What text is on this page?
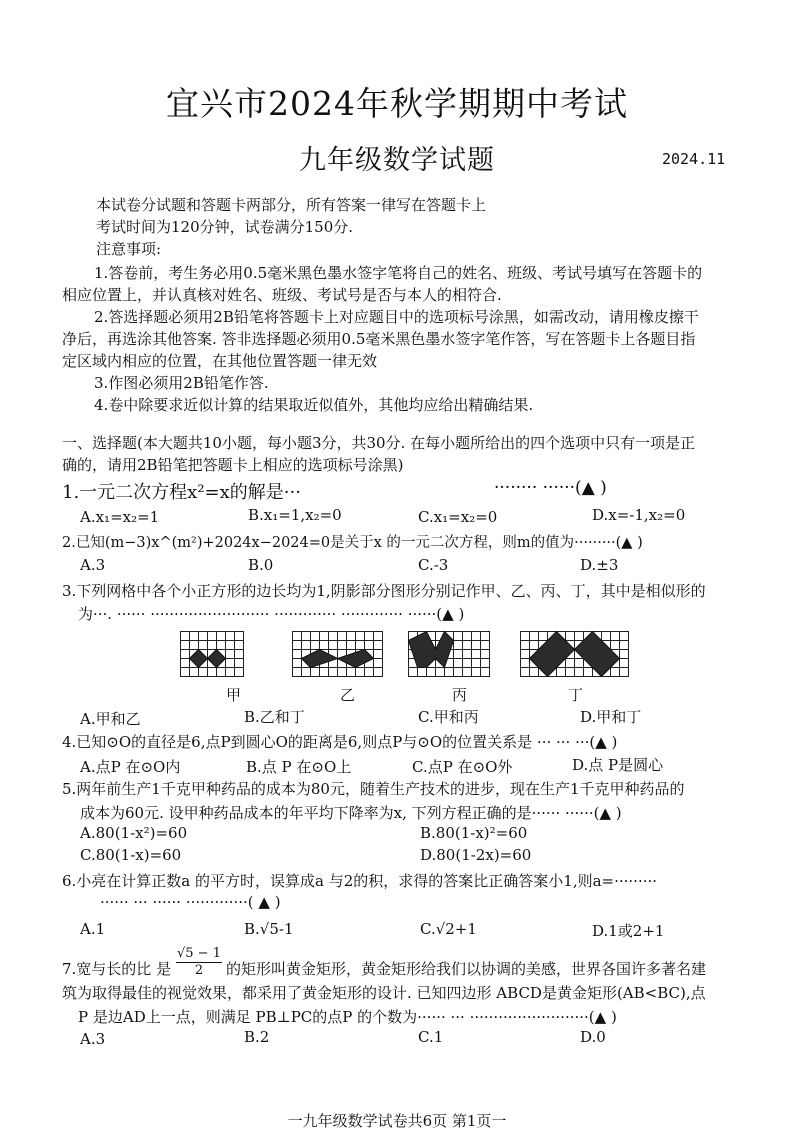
宜兴市2024年秋学期期中考试
九年级数学试题	2024.11
本试卷分试题和答题卡两部分，所有答案一律写在答题卡上
考试时间为120分钟，试卷满分150分.
注意事项:
1.答卷前，考生务必用0.5毫米黑色墨水签字笔将自己的姓名、班级、考试号填写在答题卡的
相应位置上，并认真核对姓名、班级、考试号是否与本人的相符合.
2.答选择题必须用2B铅笔将答题卡上对应题目中的选项标号涂黑，如需改动，请用橡皮擦干
净后，再选涂其他答案. 答非选择题必须用0.5毫米黑色墨水签字笔作答，写在答题卡上各题目指
定区域内相应的位置，在其他位置答题一律无效
3.作图必须用2B铅笔作答.
4.卷中除要求近似计算的结果取近似值外，其他均应给出精确结果.
一、选择题(本大题共10小题，每小题3分，共30分. 在每小题所给出的四个选项中只有一项是正
确的，请用2B铅笔把答题卡上相应的选项标号涂黑)
1.一元二次方程x²=x的解是···	········ ······(▲ )
A.x₁=x₂=1	B.x₁=1,x₂=0	C.x₁=x₂=0	D.x=-1,x₂=0
2.已知(m−3)x^(m²)+2024x−2024=0是关于x 的一元二次方程，则m的值为·········(▲ )
A.3	B.0	C.-3	D.±3
3.下列网格中各个小正方形的边长均为1,阴影部分图形分别记作甲、乙、丙、丁，其中是相似形的
为···. ······ ························· ············· ············· ······(▲ )
甲	乙	丙	丁
A.甲和乙	B.乙和丁	C.甲和丙	D.甲和丁
4.已知⊙O的直径是6,点P到圆心O的距离是6,则点P与⊙O的位置关系是 ··· ··· ···(▲ )
A.点P 在⊙O内	B.点 P 在⊙O上	C.点P 在⊙O外	D.点 P是圆心
5.两年前生产1千克甲种药品的成本为80元，随着生产技术的进步，现在生产1千克甲种药品的
成本为60元. 设甲种药品成本的年平均下降率为x, 下列方程正确的是······ ······(▲ )
A.80(1-x²)=60	B.80(1-x)²=60
C.80(1-x)=60	D.80(1-2x)=60
6.小亮在计算正数a 的平方时，误算成a 与2的积，求得的答案比正确答案小1,则a=·········
······ ··· ······ ·············( ▲ )
A.1	B.√5-1	C.√2+1	D.1或2+1
7.宽与长的比 是 $\frac{√5 - 1}{2}$ 的矩形叫黄金矩形，黄金矩形给我们以协调的美感，世界各国许多著名建
筑为取得最佳的视觉效果，都采用了黄金矩形的设计. 已知四边形 ABCD是黄金矩形(AB<BC),点
P 是边AD上一点，则满足 PB⊥PC的点P 的个数为······ ··· ·························(▲ )
A.3	B.2	C.1	D.0
一九年级数学试卷共6页 第1页一
